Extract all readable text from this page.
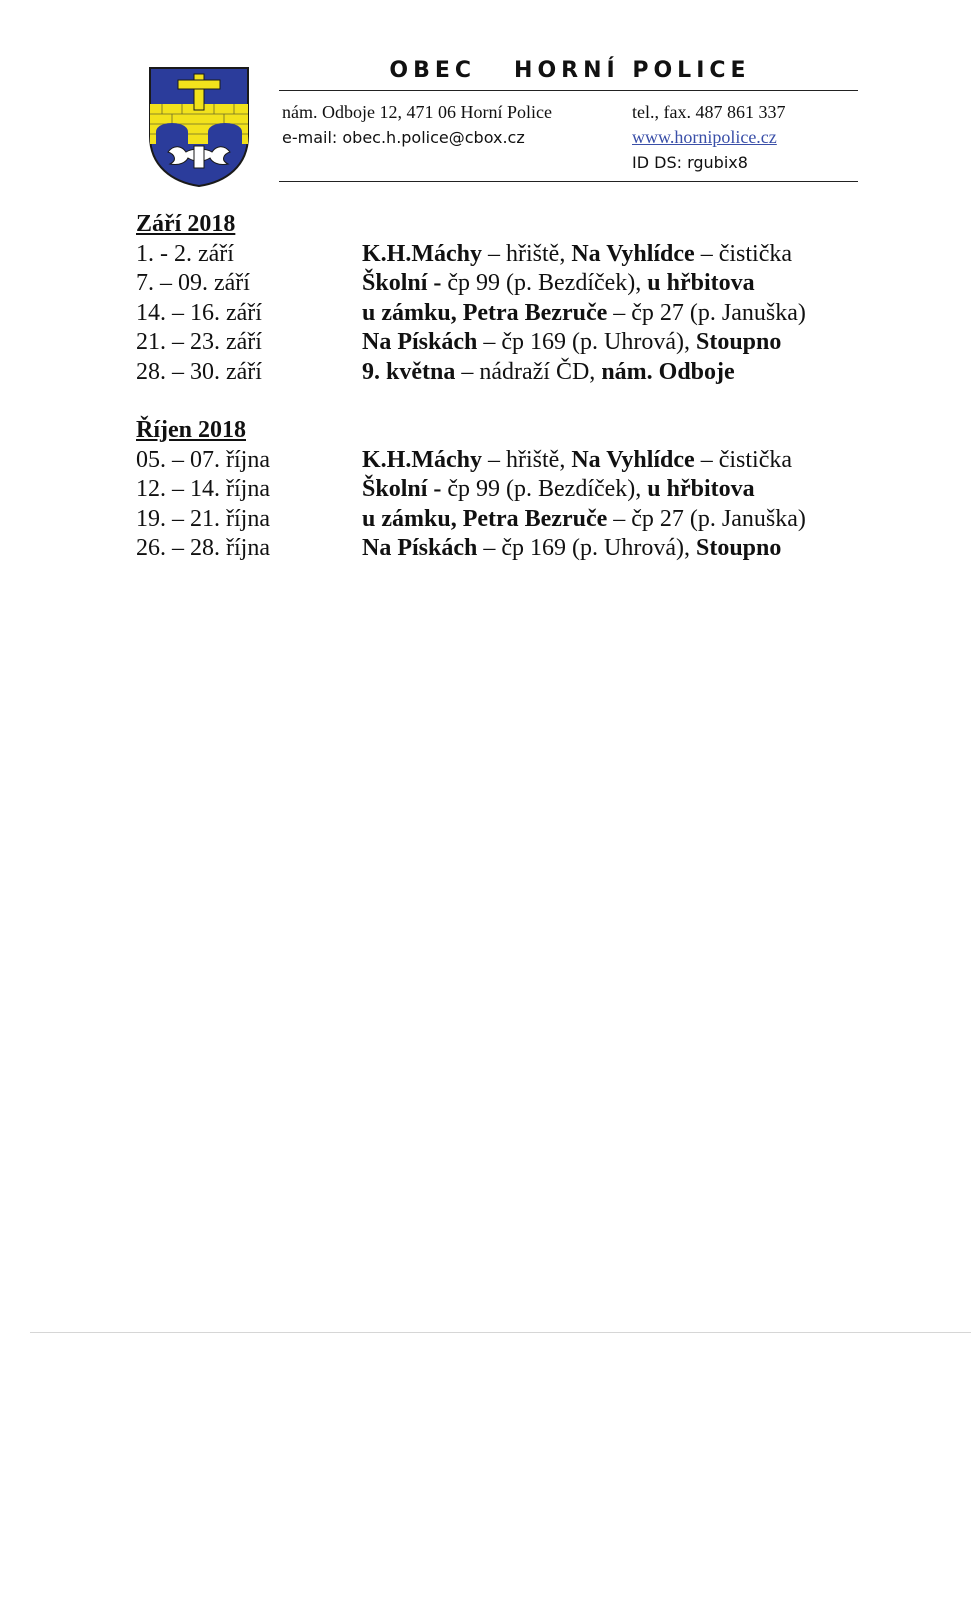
OBEC   HORNÍ POLICE
nám. Odboje 12, 471 06 Horní Police
e-mail: obec.h.police@cbox.cz
tel., fax. 487 861 337
www.hornipolice.cz
ID DS: rgubix8
Září 2018
1. - 2. září	K.H.Máchy – hřiště, Na Vyhlídce – čistička
7. – 09. září	Školní - čp 99 (p. Bezdíček), u hřbitova
14. – 16. září	u zámku, Petra Bezruče – čp 27 (p. Januška)
21. – 23. září	Na Pískách – čp 169 (p. Uhrová), Stoupno
28. – 30. září	9. května – nádraží ČD, nám. Odboje
Říjen 2018
05. – 07. října	K.H.Máchy – hřiště, Na Vyhlídce – čistička
12. – 14. října	Školní - čp 99 (p. Bezdíček), u hřbitova
19. – 21. října	u zámku, Petra Bezruče – čp 27 (p. Januška)
26. – 28. října	Na Pískách – čp 169 (p. Uhrová), Stoupno
